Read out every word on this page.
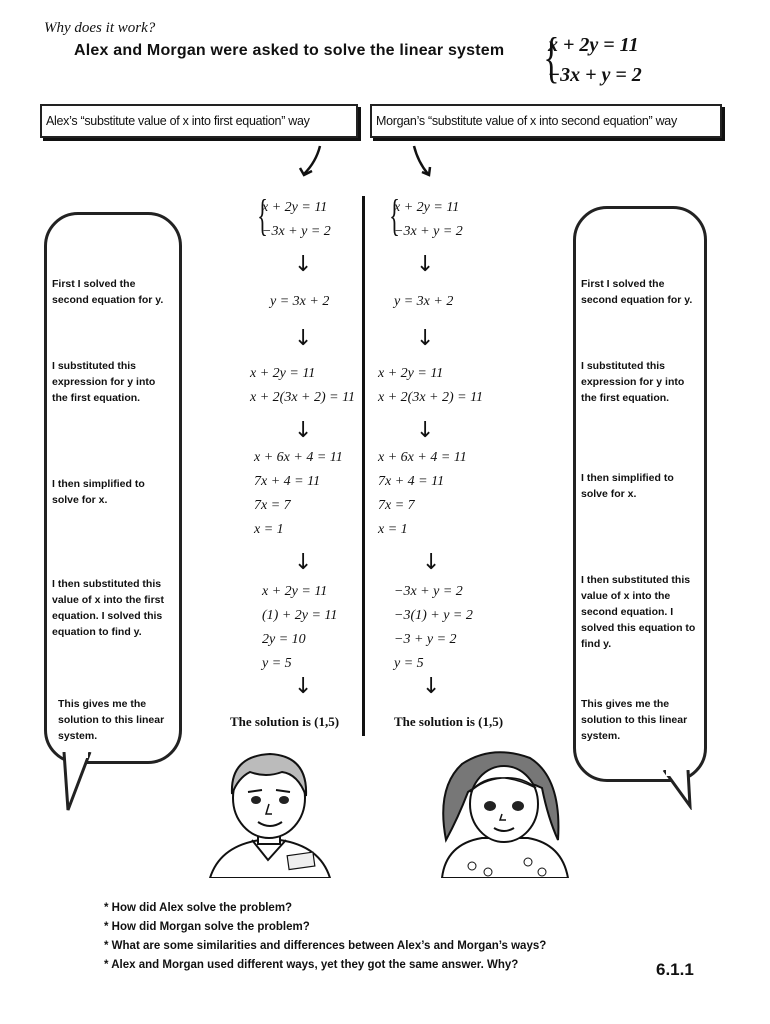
Why does it work?
Alex and Morgan were asked to solve the linear system {
x + 2y = 11
−3x + y = 2
Alex’s “substitute value of x into first equation” way	Morgan’s “substitute value of x into second equation” way
First I solved the second equation for y.
I substituted this expression for y into the first equation.
I then simplified to solve for x.
I then substituted this value of x into the first equation. I solved this equation to find y.
This gives me the solution to this linear system.
First I solved the second equation for y.
I substituted this expression for y into the first equation.
I then simplified to solve for x.
I then substituted this value of x into the second equation. I solved this equation to find y.
This gives me the solution to this linear system.
{
x + 2y = 11
−3x + y = 2
↓
y = 3x + 2
↓
x + 2y = 11
x + 2(3x + 2) = 11
↓
x + 6x + 4 = 11
7x + 4 = 11
7x = 7
x = 1
↓
x + 2y = 11
(1) + 2y = 11
2y = 10
y = 5
↓
The solution is (1,5)
{
x + 2y = 11
−3x + y = 2
↓
y = 3x + 2
↓
x + 2y = 11
x + 2(3x + 2) = 11
↓
x + 6x + 4 = 11
7x + 4 = 11
7x = 7
x = 1
↓
−3x + y = 2
−3(1) + y = 2
−3 + y = 2
y = 5
↓
The solution is (1,5)
* How did Alex solve the problem?
* How did Morgan solve the problem?
* What are some similarities and differences between Alex’s and Morgan’s ways?
* Alex and Morgan used different ways, yet they got the same answer. Why?	6.1.1
